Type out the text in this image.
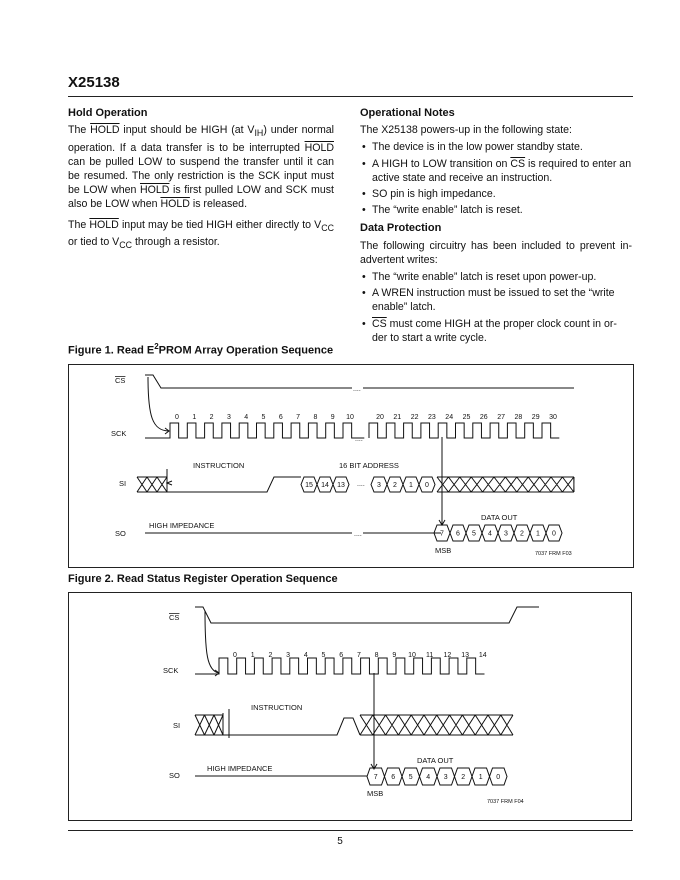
X25138
Hold Operation

The HOLD input should be HIGH (at $V_{IH}$) under normal operation. If a data transfer is to be interrupted HOLD can be pulled LOW to suspend the transfer until it can be resumed. The only restriction is the SCK input must be LOW when HOLD is first pulled LOW and SCK must also be LOW when HOLD is released.

The HOLD input may be tied HIGH either directly to $V_{CC}$ or tied to $V_{CC}$ through a resistor.

Operational Notes

The X25138 powers-up in the following state:

• The device is in the low power standby state.
• A HIGH to LOW transition on $\overline{CS}$ is required to enter an active state and receive an instruction.
• SO pin is high impedance.
• The “write enable” latch is reset.
Data Protection

The following circuitry has been included to prevent in-advertent writes:

• The “write enable” latch is reset upon power-up.
• A WREN instruction must be issued to set the “write enable” latch.
• $\overline{CS}$ must come HIGH at the proper clock count in or-der to start a write cycle.
Figure 1. Read $E^2PROM$ Array Operation Sequence
CS
SCK
SI
SO
....
....
0 1 2 3 4 5 6 7 8 9 10	20 21 22 23 24 25 26 27 28 29 30
INSTRUCTION	16 BIT ADDRESS
15 14 13	3 2 1 0
....
HIGH IMPEDANCE
....
DATA OUT
7 6 5 4 3 2 1 0
MSB	7037 FRM F03
Figure 2. Read Status Register Operation Sequence
CS
SCK
SI
SO
0 1 2 3 4 5 6 7 8 9 10 11 12 13 14
INSTRUCTION
HIGH IMPEDANCE
DATA OUT
7 6 5 4 3 2 1 0
MSB
7037 FRM F04
5
